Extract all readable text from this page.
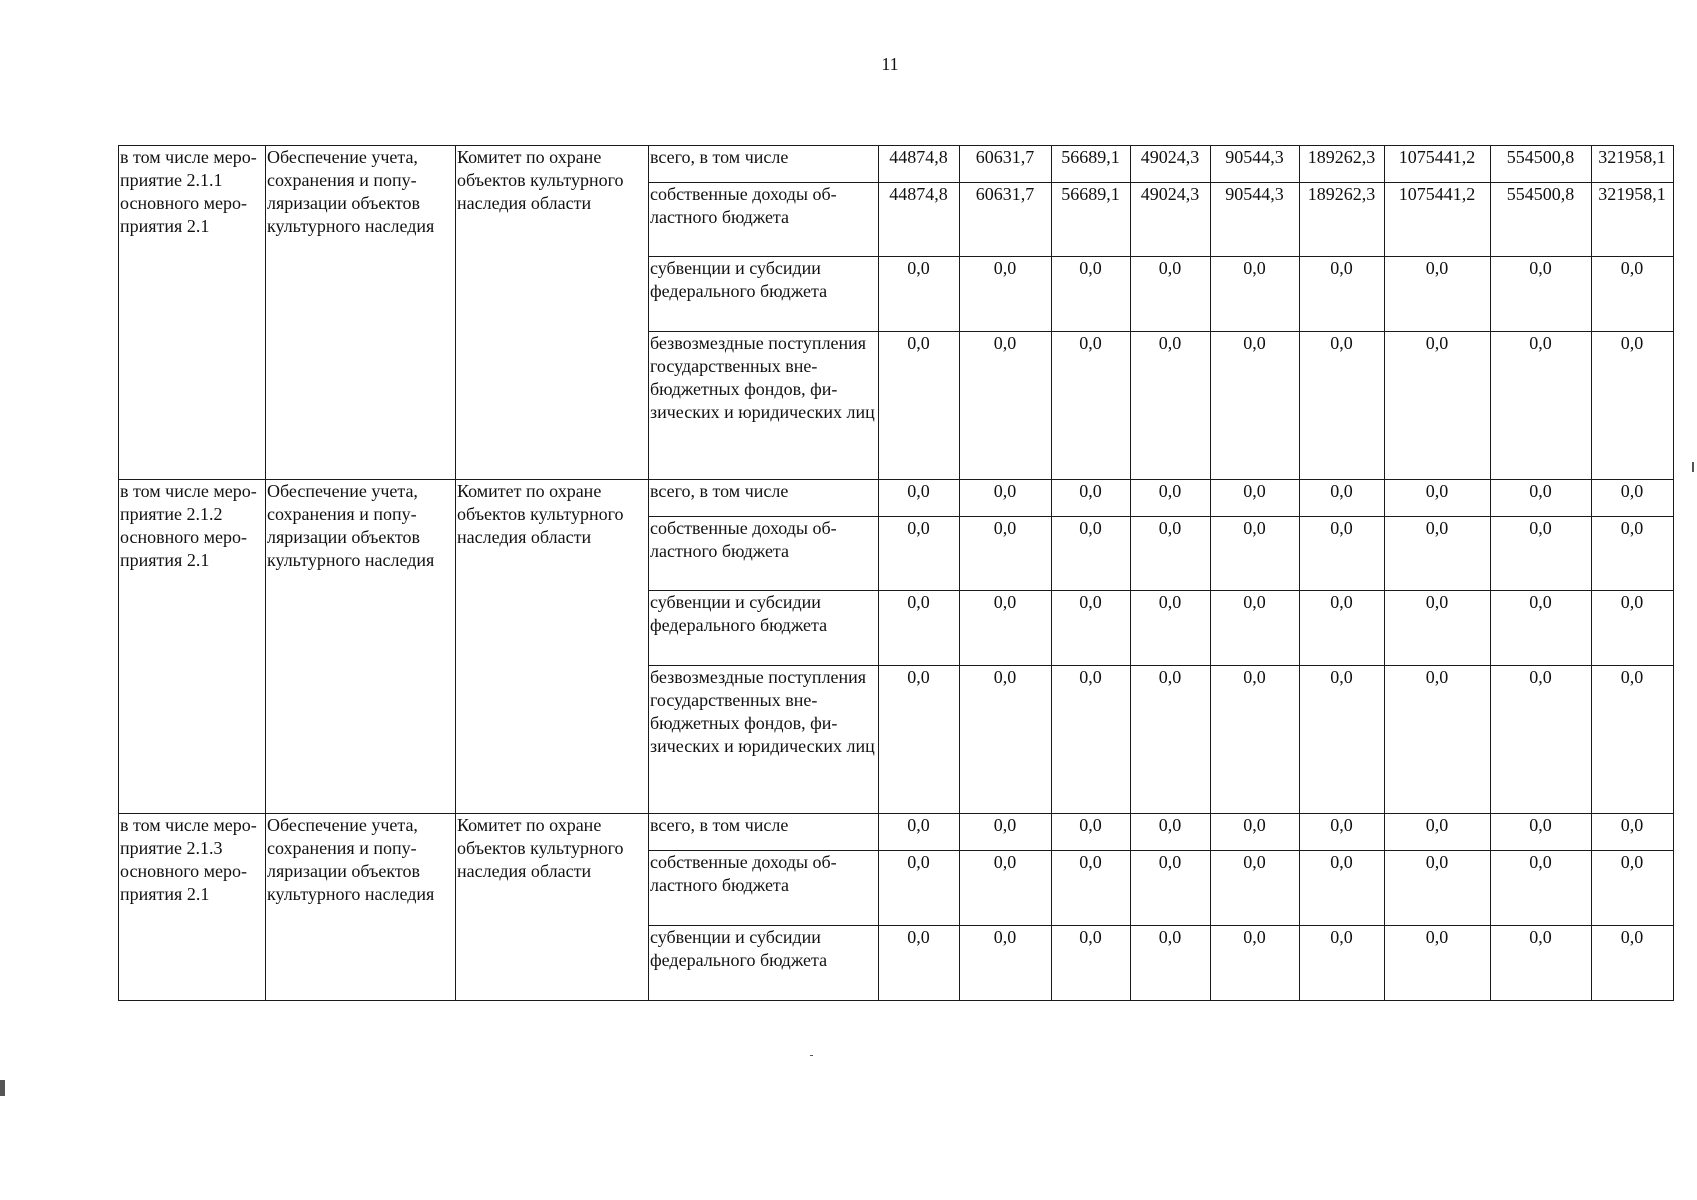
11
в том числе мероприятие 2.1.1 основного мероприятия 2.1	Обеспечение учета, сохранения и популяризации объектов культурного наследия	Комитет по охране объектов культурного наследия области	всего, в том числе	44874,8	60631,7	56689,1	49024,3	90544,3	189262,3	1075441,2	554500,8	321958,1
			собственные доходы областного бюджета	44874,8	60631,7	56689,1	49024,3	90544,3	189262,3	1075441,2	554500,8	321958,1
			субвенции и субсидии федерального бюджета	0,0	0,0	0,0	0,0	0,0	0,0	0,0	0,0	0,0
			безвозмездные поступления государственных внебюджетных фондов, физических и юридических лиц	0,0	0,0	0,0	0,0	0,0	0,0	0,0	0,0	0,0
в том числе мероприятие 2.1.2 основного мероприятия 2.1	Обеспечение учета, сохранения и популяризации объектов культурного наследия	Комитет по охране объектов культурного наследия области	всего, в том числе	0,0	0,0	0,0	0,0	0,0	0,0	0,0	0,0	0,0
			собственные доходы областного бюджета	0,0	0,0	0,0	0,0	0,0	0,0	0,0	0,0	0,0
			субвенции и субсидии федерального бюджета	0,0	0,0	0,0	0,0	0,0	0,0	0,0	0,0	0,0
			безвозмездные поступления государственных внебюджетных фондов, физических и юридических лиц	0,0	0,0	0,0	0,0	0,0	0,0	0,0	0,0	0,0
в том числе мероприятие 2.1.3 основного мероприятия 2.1	Обеспечение учета, сохранения и популяризации объектов культурного наследия	Комитет по охране объектов культурного наследия области	всего, в том числе	0,0	0,0	0,0	0,0	0,0	0,0	0,0	0,0	0,0
			собственные доходы областного бюджета	0,0	0,0	0,0	0,0	0,0	0,0	0,0	0,0	0,0
			субвенции и субсидии федерального бюджета	0,0	0,0	0,0	0,0	0,0	0,0	0,0	0,0	0,0
